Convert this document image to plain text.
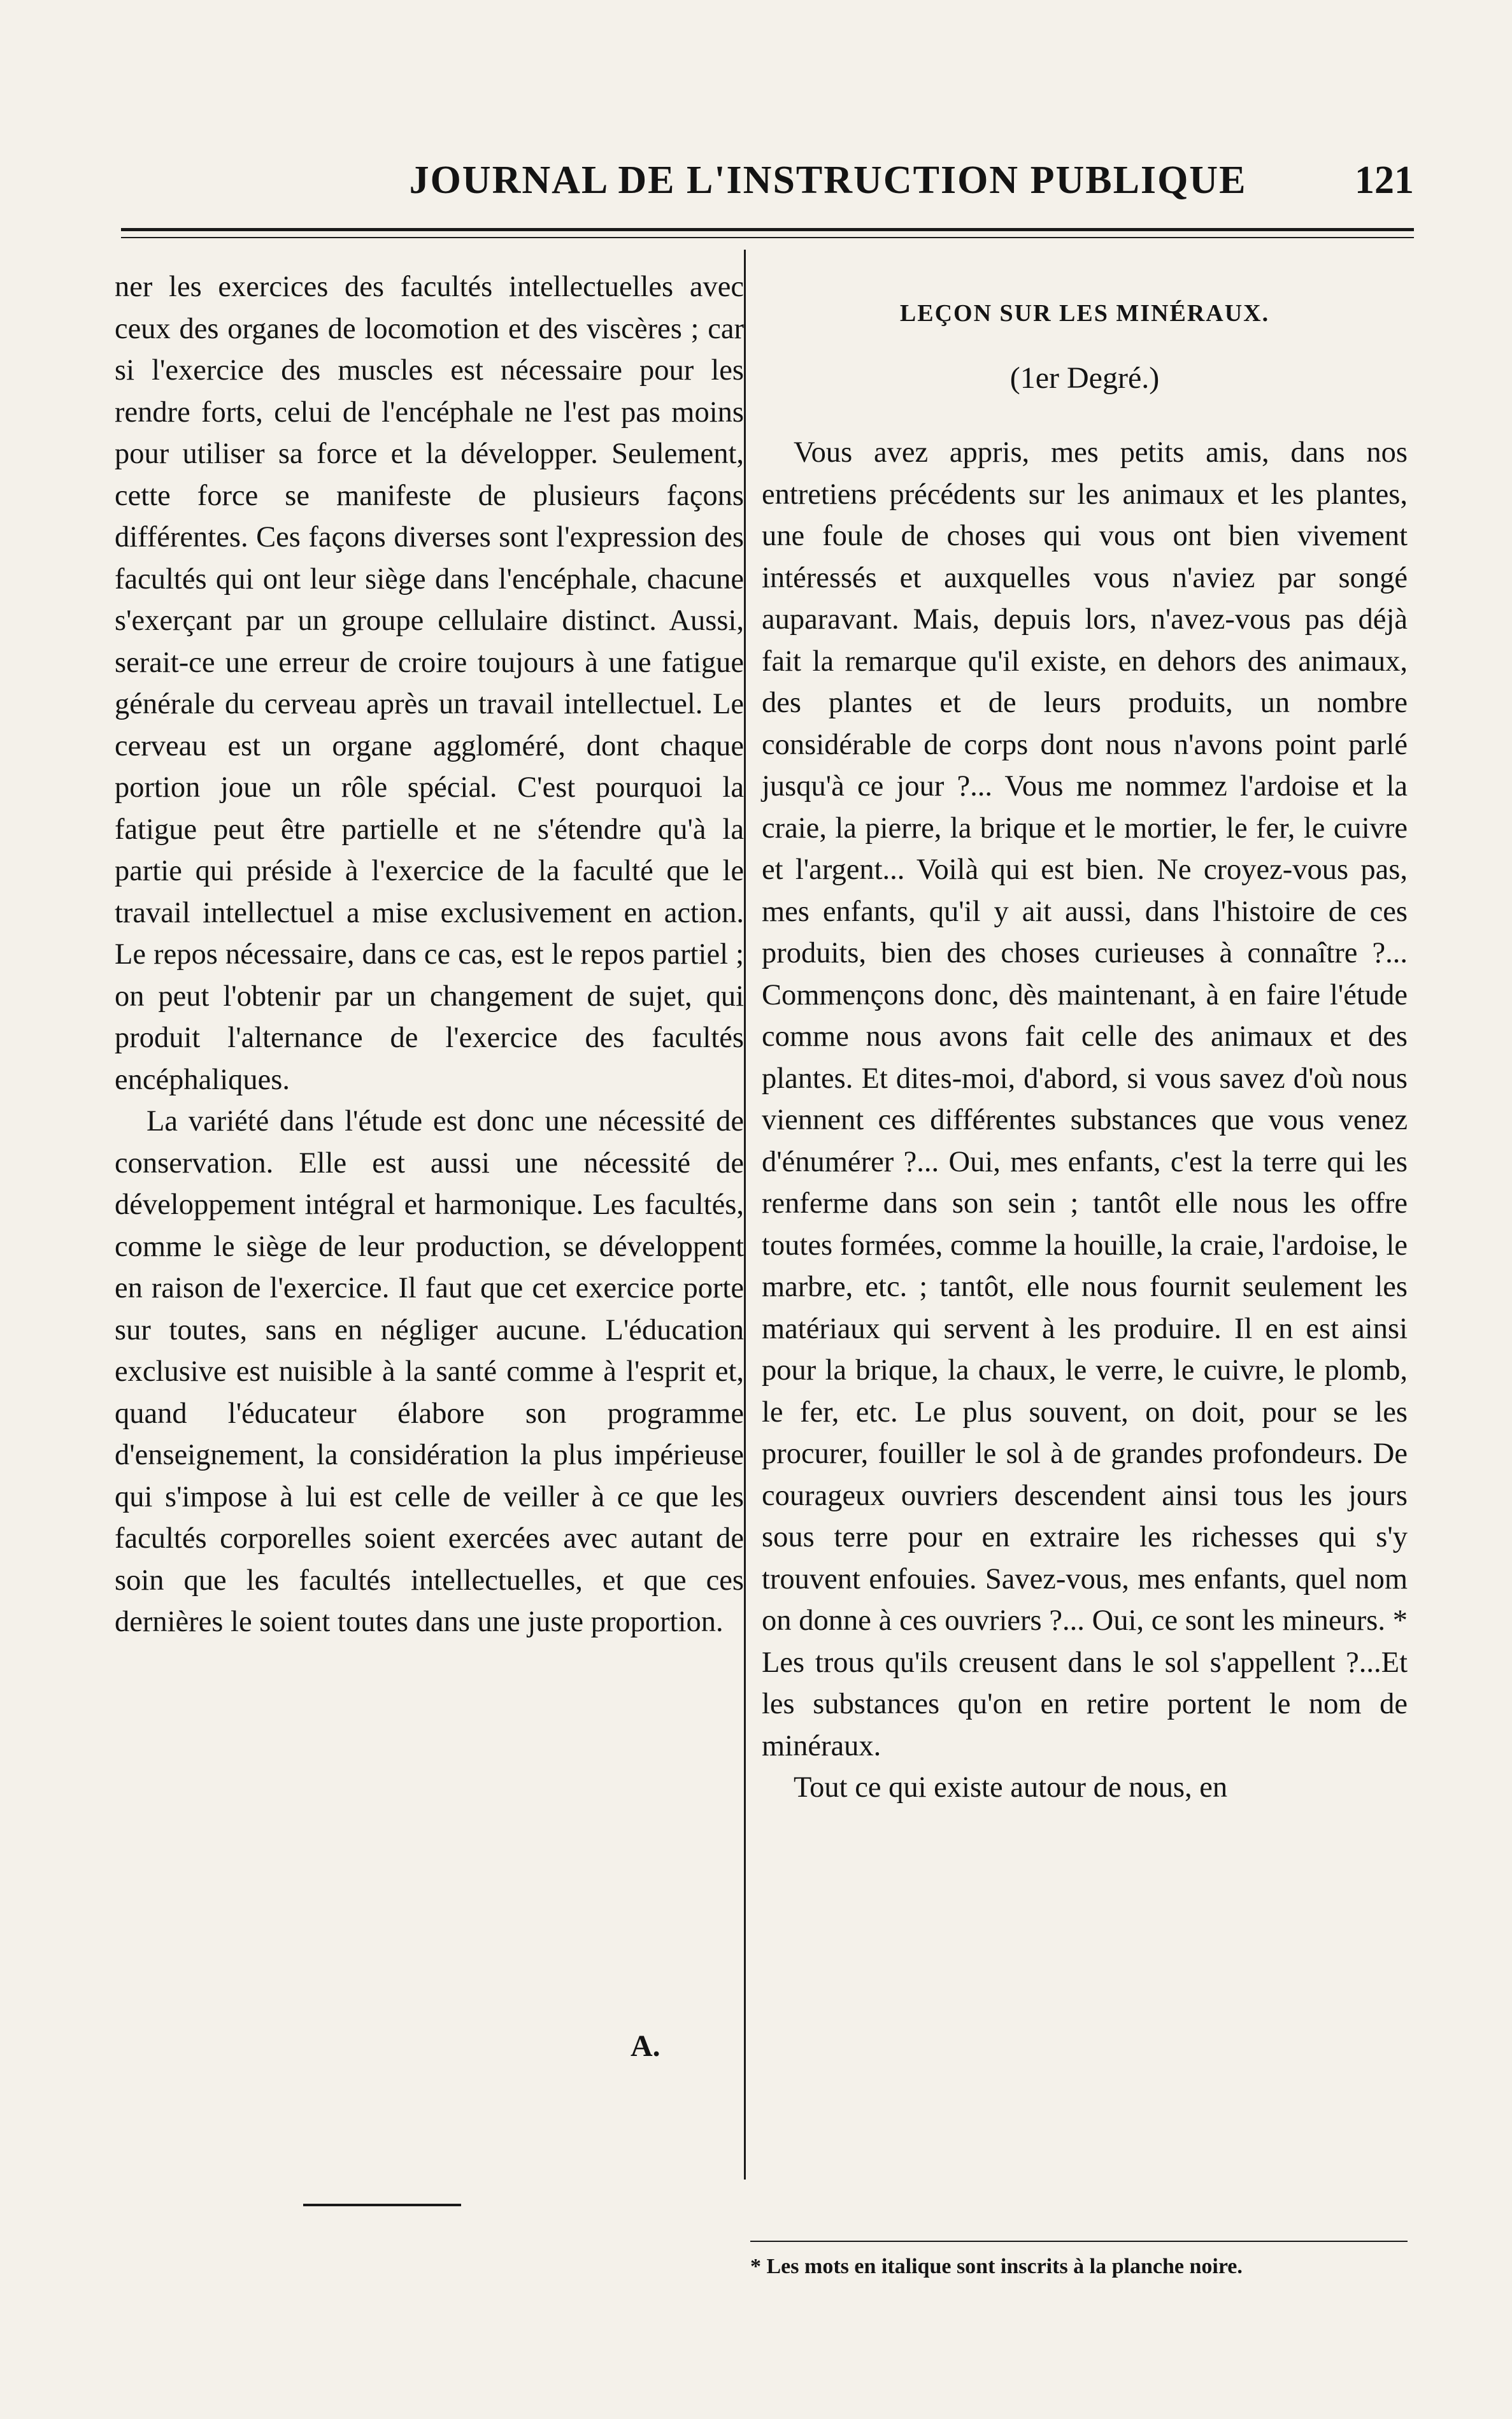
JOURNAL DE L'INSTRUCTION PUBLIQUE	121

ner les exercices des facultés intellectuelles avec ceux des organes de locomotion et des viscères ; car si l'exercice des muscles est nécessaire pour les rendre forts, celui de l'encéphale ne l'est pas moins pour utiliser sa force et la développer. Seulement, cette force se manifeste de plusieurs façons différentes. Ces façons diverses sont l'expression des facultés qui ont leur siège dans l'encéphale, chacune s'exerçant par un groupe cellulaire distinct. Aussi, serait-ce une erreur de croire toujours à une fatigue générale du cerveau après un travail intellectuel. Le cerveau est un organe aggloméré, dont chaque portion joue un rôle spécial. C'est pourquoi la fatigue peut être partielle et ne s'étendre qu'à la partie qui préside à l'exercice de la faculté que le travail intellectuel a mise exclusivement en action. Le repos nécessaire, dans ce cas, est le repos partiel ; on peut l'obtenir par un changement de sujet, qui produit l'alternance de l'exercice des facultés encéphaliques.

La variété dans l'étude est donc une nécessité de conservation. Elle est aussi une nécessité de développement intégral et harmonique. Les facultés, comme le siège de leur production, se développent en raison de l'exercice. Il faut que cet exercice porte sur toutes, sans en négliger aucune. L'éducation exclusive est nuisible à la santé comme à l'esprit et, quand l'éducateur élabore son programme d'enseignement, la considération la plus impérieuse qui s'impose à lui est celle de veiller à ce que les facultés corporelles soient exercées avec autant de soin que les facultés intellectuelles, et que ces dernières le soient toutes dans une juste proportion.

A.
LEÇON SUR LES MINÉRAUX.
(1er Degré.)

Vous avez appris, mes petits amis, dans nos entretiens précédents sur les animaux et les plantes, une foule de choses qui vous ont bien vivement intéressés et auxquelles vous n'aviez par songé auparavant. Mais, depuis lors, n'avez-vous pas déjà fait la remarque qu'il existe, en dehors des animaux, des plantes et de leurs produits, un nombre considérable de corps dont nous n'avons point parlé jusqu'à ce jour ?... Vous me nommez l'ardoise et la craie, la pierre, la brique et le mortier, le fer, le cuivre et l'argent... Voilà qui est bien. Ne croyez-vous pas, mes enfants, qu'il y ait aussi, dans l'histoire de ces produits, bien des choses curieuses à connaître ?... Commençons donc, dès maintenant, à en faire l'étude comme nous avons fait celle des animaux et des plantes. Et dites-moi, d'abord, si vous savez d'où nous viennent ces différentes substances que vous venez d'énumérer ?... Oui, mes enfants, c'est la terre qui les renferme dans son sein ; tantôt elle nous les offre toutes formées, comme la houille, la craie, l'ardoise, le marbre, etc. ; tantôt, elle nous fournit seulement les matériaux qui servent à les produire. Il en est ainsi pour la brique, la chaux, le verre, le cuivre, le plomb, le fer, etc. Le plus souvent, on doit, pour se les procurer, fouiller le sol à de grandes profondeurs. De courageux ouvriers descendent ainsi tous les jours sous terre pour en extraire les richesses qui s'y trouvent enfouies. Savez-vous, mes enfants, quel nom on donne à ces ouvriers ?... Oui, ce sont les mineurs. * Les trous qu'ils creusent dans le sol s'appellent ?...Et les substances qu'on en retire portent le nom de minéraux.

Tout ce qui existe autour de nous, en

* Les mots en italique sont inscrits à la planche noire.
